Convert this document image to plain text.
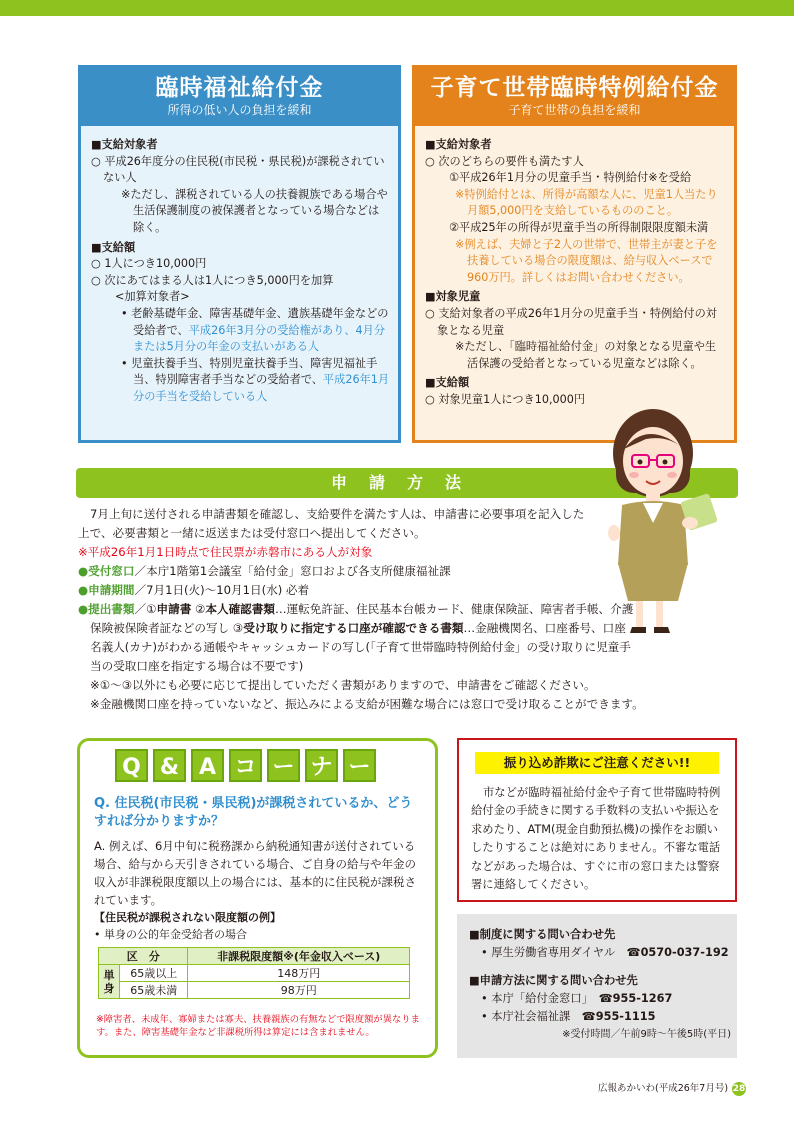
臨時福祉給付金
所得の低い人の負担を緩和

■支給対象者

○ 平成26年度分の住民税(市民税・県民税)が課税されていない人

※ただし、課税されている人の扶養親族である場合や生活保護制度の被保護者となっている場合などは除く。

■支給額

○ 1人につき10,000円

○ 次にあてはまる人は1人につき5,000円を加算

<加算対象者>

• 老齢基礎年金、障害基礎年金、遺族基礎年金などの受給者で、平成26年3月分の受給権があり、4月分または5月分の年金の支払いがある人

• 児童扶養手当、特別児童扶養手当、障害児福祉手当、特別障害者手当などの受給者で、平成26年1月分の手当を受給している人

子育て世帯臨時特例給付金
子育て世帯の負担を緩和

■支給対象者

○ 次のどちらの要件も満たす人

①平成26年1月分の児童手当・特例給付※を受給

※特例給付とは、所得が高額な人に、児童1人当たり月額5,000円を支給しているもののこと。

②平成25年の所得が児童手当の所得制限限度額未満

※例えば、夫婦と子2人の世帯で、世帯主が妻と子を扶養している場合の限度額は、給与収入ベースで960万円。詳しくはお問い合わせください。

■対象児童

○ 支給対象者の平成26年1月分の児童手当・特例給付の対象となる児童

※ただし、「臨時福祉給付金」の対象となる児童や生活保護の受給者となっている児童などは除く。

■支給額

○ 対象児童1人につき10,000円

申請方法

7月上旬に送付される申請書類を確認し、支給要件を満たす人は、申請書に必要事項を記入した上で、必要書類と一緒に返送または受付窓口へ提出してください。

※平成26年1月1日時点で住民票が赤磐市にある人が対象

●受付窓口／本庁1階第1会議室「給付金」窓口および各支所健康福祉課

●申請期間／7月1日(火)～10月1日(水) 必着

●提出書類／①申請書 ②本人確認書類…運転免許証、住民基本台帳カード、健康保険証、障害者手帳、介護保険被保険者証などの写し ③受け取りに指定する口座が確認できる書類…金融機関名、口座番号、口座名義人(カナ)がわかる通帳やキャッシュカードの写し(「子育て世帯臨時特例給付金」の受け取りに児童手当の受取口座を指定する場合は不要です)

※①～③以外にも必要に応じて提出していただく書類がありますので、申請書をご確認ください。

※金融機関口座を持っていないなど、振込みによる支給が困難な場合には窓口で受け取ることができます。

Q & A コ ー ナ ー
Q. 住民税(市民税・県民税)が課税されているか、どうすれば分かりますか？
A. 例えば、6月中旬に税務課から納税通知書が送付されている場合、給与から天引きされている場合、ご自身の給与や年金の収入が非課税限度額以上の場合には、基本的に住民税が課税されています。
【住民税が課税されない限度額の例】
• 単身の公的年金受給者の場合
区　分		非課税限度額※(年金収入ベース)
単身	65歳以上	148万円
	65歳未満	98万円
※障害者、未成年、寡婦または寡夫、扶養親族の有無などで限度額が異なります。また、障害基礎年金など非課税所得は算定には含まれません。
振り込め詐欺にご注意ください!!
市などが臨時福祉給付金や子育て世帯臨時特例給付金の手続きに関する手数料の支払いや振込を求めたり、ATM(現金自動預払機)の操作をお願いしたりすることは絶対にありません。不審な電話などがあった場合は、すぐに市の窓口または警察署に連絡してください。

■制度に関する問い合わせ先

• 厚生労働省専用ダイヤル　 ☎0570-037-192

■申請方法に関する問い合わせ先

• 本庁「給付金窓口」　 ☎955-1267

• 本庁社会福祉課　 ☎955-1115

※受付時間／午前9時～午後5時(平日)

広報あかいわ(平成26年7月号) 28
